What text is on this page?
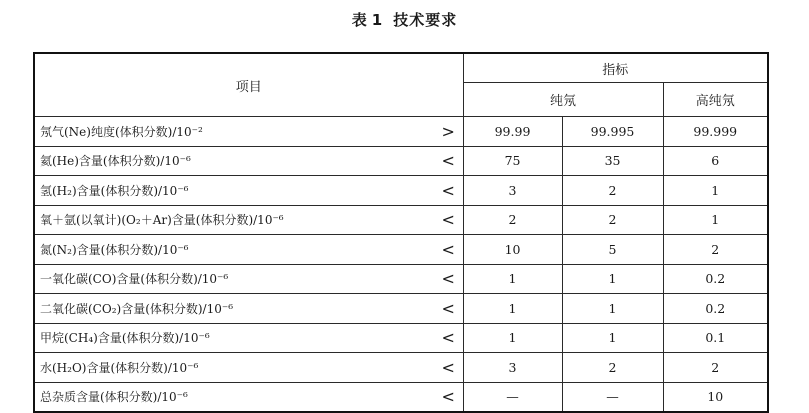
表 1 技术要求
项目		指标		
		纯氖		高纯氖
氖气(Ne)纯度(体积分数)/10⁻²	>	99.99	99.995	99.999
氦(He)含量(体积分数)/10⁻⁶	<	75	35	6
氢(H₂)含量(体积分数)/10⁻⁶	<	3	2	1
氧＋氩(以氧计)(O₂＋Ar)含量(体积分数)/10⁻⁶	<	2	2	1
氮(N₂)含量(体积分数)/10⁻⁶	<	10	5	2
一氧化碳(CO)含量(体积分数)/10⁻⁶	<	1	1	0.2
二氧化碳(CO₂)含量(体积分数)/10⁻⁶	<	1	1	0.2
甲烷(CH₄)含量(体积分数)/10⁻⁶	<	1	1	0.1
水(H₂O)含量(体积分数)/10⁻⁶	<	3	2	2
总杂质含量(体积分数)/10⁻⁶	<	—	—	10
